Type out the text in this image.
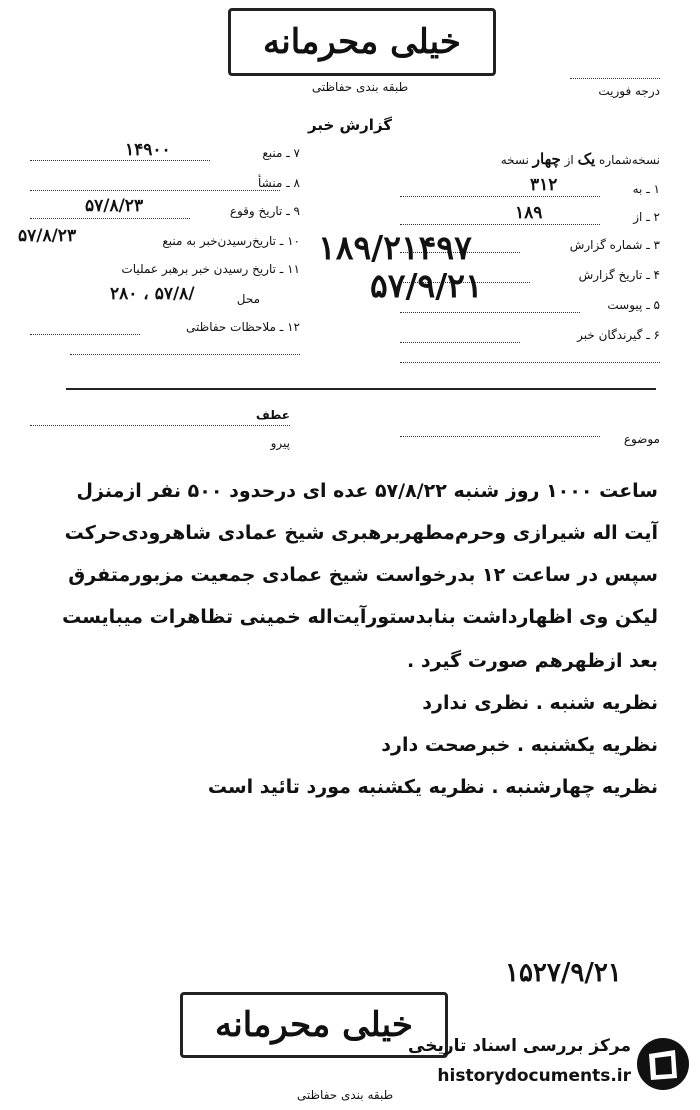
خیلی محرمانه
طبقه بندی حفاظتی	درجه فوریت
گزارش خبر
۷ ـ منبع
۱۴۹۰۰
۸ ـ منشأ
۹ ـ تاریخ وقوع
۵۷/۸/۲۳
۱۰ ـ تاریخ‌رسیدن‌خبر به منبع
۵۷/۸/۲۳
۱۱ ـ تاریخ رسیدن خبر برهبر عملیات
محل
۲۸۰ ، ۵۷/۸/
۱۲ ـ ملاحظات حفاظتی
نسخه‌شماره یک از چهار نسخه
۱ ـ به
۳۱۲
۲ ـ از
۱۸۹
۳ ـ شماره گزارش
۱۸۹/۲۱۴۹۷
۴ ـ تاریخ گزارش
۵۷/۹/۲۱	۵ ـ پیوست
۶ ـ گیرندگان خبر
عطف
پیرو	موضوع
ساعت ۱۰۰۰ روز شنبه ۵۷/۸/۲۲ عده ای درحدود ۵۰۰ نفر ازمنزل
آیت اله شیرازی وحرم‌مطهر‌برهبری شیخ عمادی شاهرودی‌حرکت
سپس در ساعت ۱۲ بدرخواست شیخ عمادی جمعیت مزبور‌متفرق
لیکن وی اظهارداشت بنابدستورآیت‌اله خمینی تظاهرات میبایست
بعد ازظهرهم صورت گیرد .
نظریه شنبه . نظری ندارد
نظریه یکشنبه . خبرصحت دارد
نظریه چهارشنبه . نظریه یکشنبه مورد تائید است
۱۵۲۷/۹/۲۱
خیلی محرمانه
طبقه بندی حفاظتی
مرکز بررسی اسناد تاریخی
historydocuments.ir
